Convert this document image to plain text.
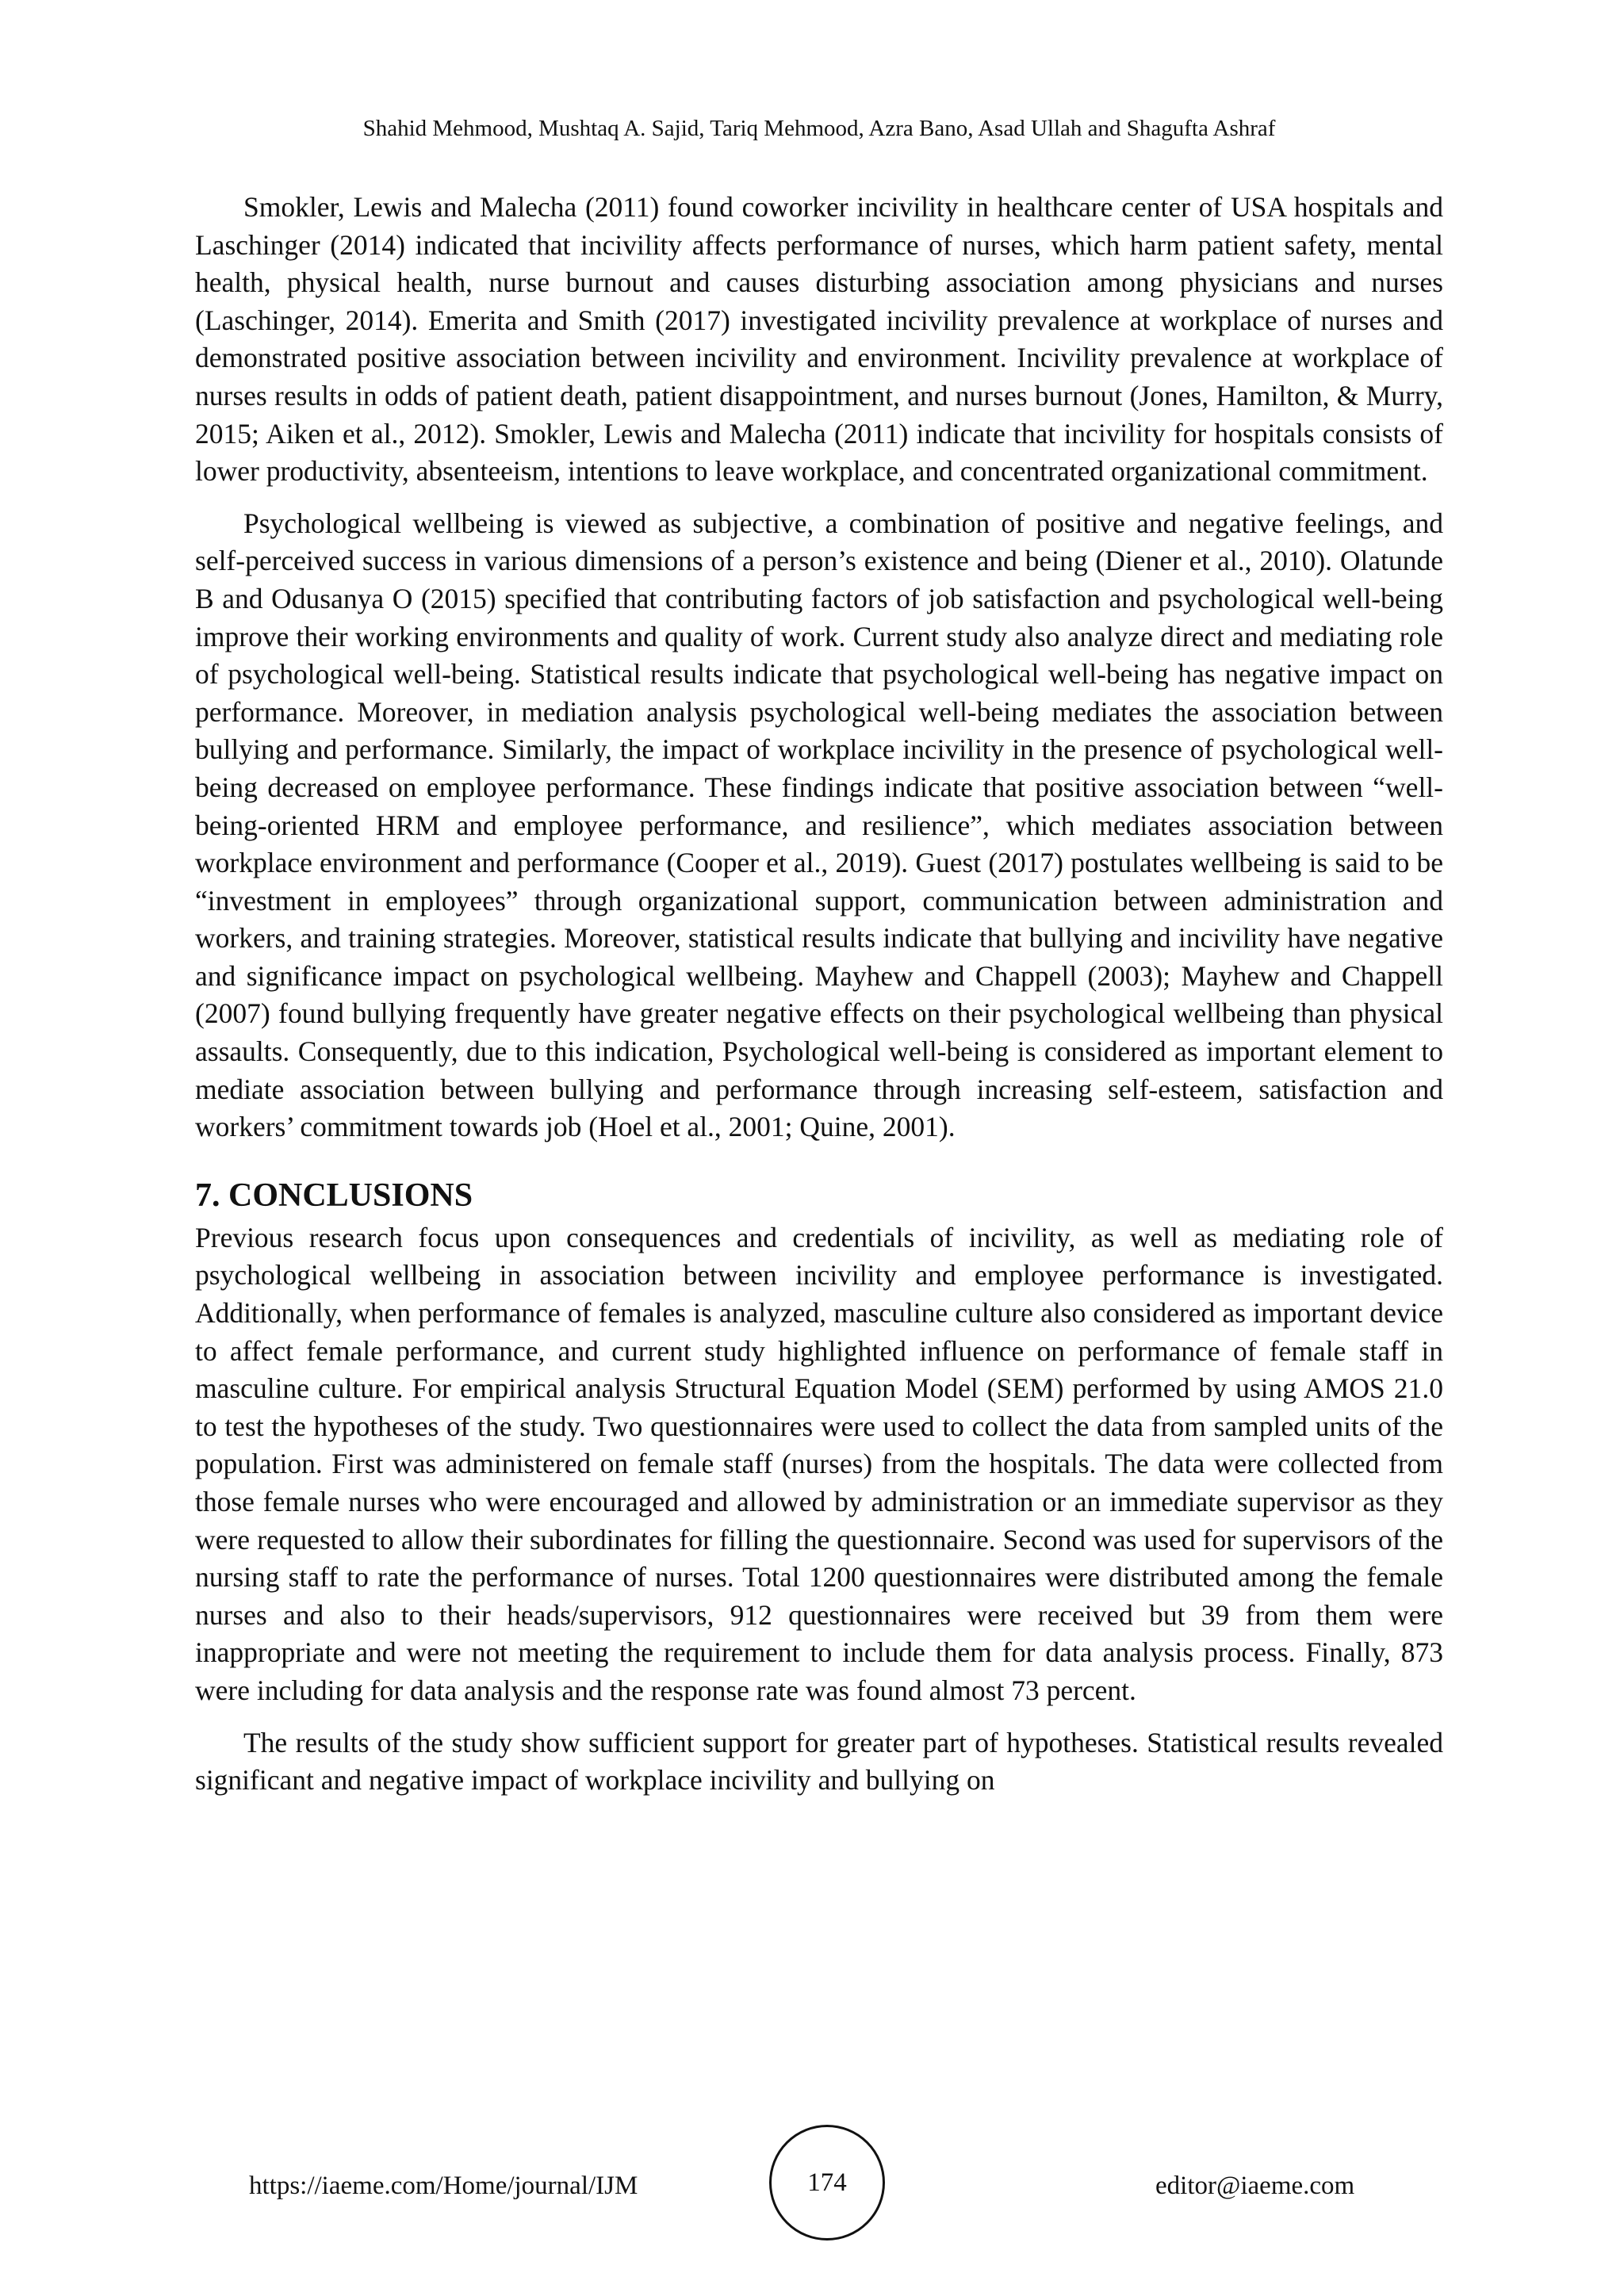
Shahid Mehmood, Mushtaq A. Sajid, Tariq Mehmood, Azra Bano, Asad Ullah and Shagufta Ashraf

Smokler, Lewis and Malecha (2011) found coworker incivility in healthcare center of USA hospitals and Laschinger (2014) indicated that incivility affects performance of nurses, which harm patient safety, mental health, physical health, nurse burnout and causes disturbing association among physicians and nurses (Laschinger, 2014). Emerita and Smith (2017) investigated incivility prevalence at workplace of nurses and demonstrated positive association between incivility and environment. Incivility prevalence at workplace of nurses results in odds of patient death, patient disappointment, and nurses burnout (Jones, Hamilton, & Murry, 2015; Aiken et al., 2012). Smokler, Lewis and Malecha (2011) indicate that incivility for hospitals consists of lower productivity, absenteeism, intentions to leave workplace, and concentrated organizational commitment.

Psychological wellbeing is viewed as subjective, a combination of positive and negative feelings, and self-perceived success in various dimensions of a person’s existence and being (Diener et al., 2010). Olatunde B and Odusanya O (2015) specified that contributing factors of job satisfaction and psychological well-being improve their working environments and quality of work. Current study also analyze direct and mediating role of psychological well-being. Statistical results indicate that psychological well-being has negative impact on performance. Moreover, in mediation analysis psychological well-being mediates the association between bullying and performance. Similarly, the impact of workplace incivility in the presence of psychological well-being decreased on employee performance. These findings indicate that positive association between “well-being-oriented HRM and employee performance, and resilience”, which mediates association between workplace environment and performance (Cooper et al., 2019). Guest (2017) postulates wellbeing is said to be “investment in employees” through organizational support, communication between administration and workers, and training strategies. Moreover, statistical results indicate that bullying and incivility have negative and significance impact on psychological wellbeing. Mayhew and Chappell (2003); Mayhew and Chappell (2007) found bullying frequently have greater negative effects on their psychological wellbeing than physical assaults. Consequently, due to this indication, Psychological well-being is considered as important element to mediate association between bullying and performance through increasing self-esteem, satisfaction and workers’ commitment towards job (Hoel et al., 2001; Quine, 2001).

7. CONCLUSIONS

Previous research focus upon consequences and credentials of incivility, as well as mediating role of psychological wellbeing in association between incivility and employee performance is investigated. Additionally, when performance of females is analyzed, masculine culture also considered as important device to affect female performance, and current study highlighted influence on performance of female staff in masculine culture. For empirical analysis Structural Equation Model (SEM) performed by using AMOS 21.0 to test the hypotheses of the study. Two questionnaires were used to collect the data from sampled units of the population. First was administered on female staff (nurses) from the hospitals. The data were collected from those female nurses who were encouraged and allowed by administration or an immediate supervisor as they were requested to allow their subordinates for filling the questionnaire. Second was used for supervisors of the nursing staff to rate the performance of nurses. Total 1200 questionnaires were distributed among the female nurses and also to their heads/supervisors, 912 questionnaires were received but 39 from them were inappropriate and were not meeting the requirement to include them for data analysis process. Finally, 873 were including for data analysis and the response rate was found almost 73 percent.

The results of the study show sufficient support for greater part of hypotheses. Statistical results revealed significant and negative impact of workplace incivility and bullying on

https://iaeme.com/Home/journal/IJM	174	editor@iaeme.com
